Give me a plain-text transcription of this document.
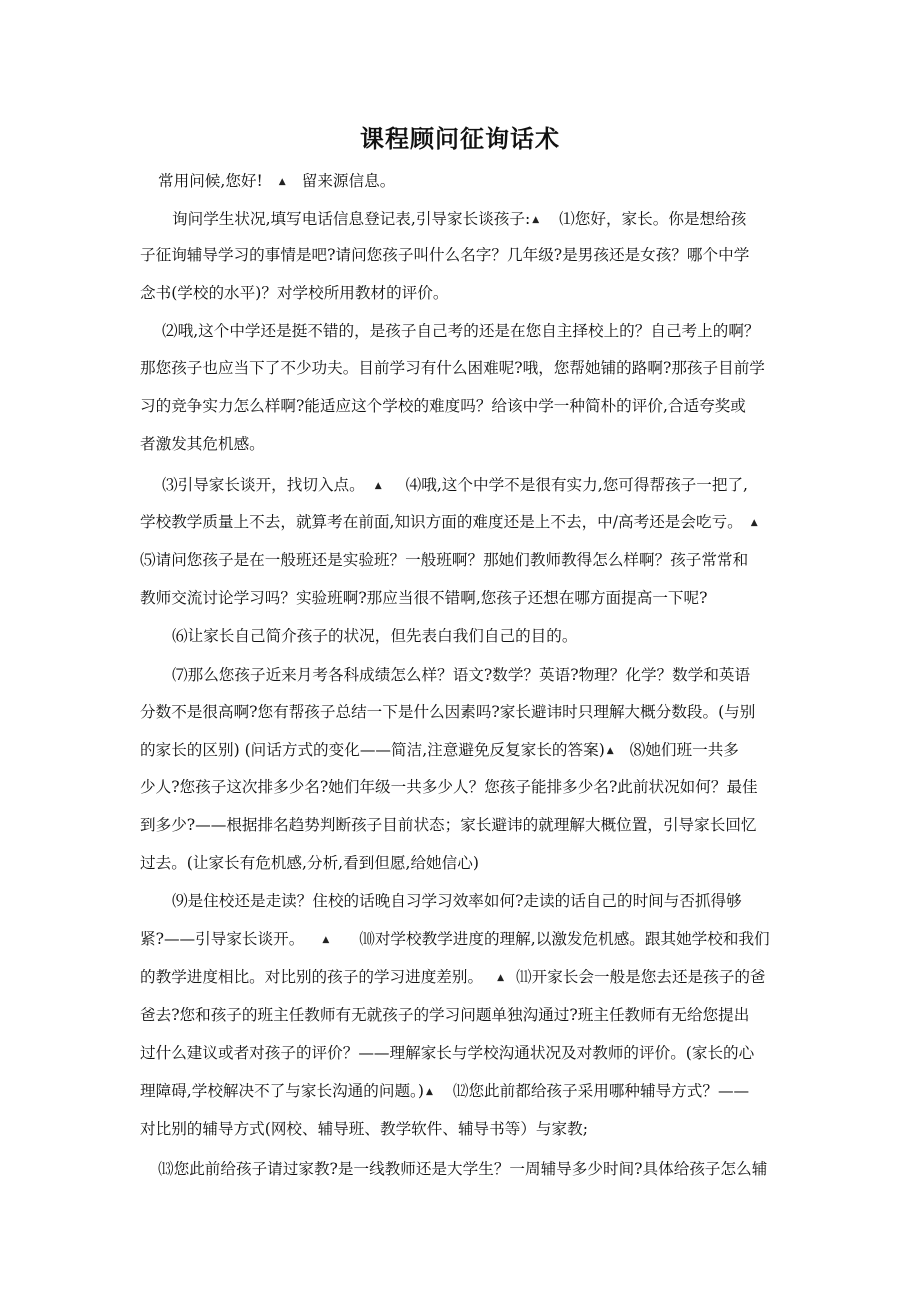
课程顾问征询话术
常用问候,您好! ▲ 留来源信息。
询问学生状况,填写电话信息登记表,引导家长谈孩子: ▲ ⑴您好，家长。你是想给孩
子征询辅导学习的事情是吧?请问您孩子叫什么名字？几年级?是男孩还是女孩？哪个中学
念书(学校的水平)？对学校所用教材的评价。
⑵哦,这个中学还是挺不错的，是孩子自己考的还是在您自主择校上的？自己考上的啊？
那您孩子也应当下了不少功夫。目前学习有什么困难呢?哦，您帮她铺的路啊?那孩子目前学
习的竞争实力怎么样啊?能适应这个学校的难度吗？给该中学一种简朴的评价,合适夸奖或
者激发其危机感。
⑶引导家长谈开，找切入点。 ▲ ⑷哦,这个中学不是很有实力,您可得帮孩子一把了,
学校教学质量上不去，就算考在前面,知识方面的难度还是上不去，中/高考还是会吃亏。 ▲
⑸请问您孩子是在一般班还是实验班？一般班啊？那她们教师教得怎么样啊？孩子常常和
教师交流讨论学习吗？实验班啊?那应当很不错啊,您孩子还想在哪方面提高一下呢?
⑹让家长自己简介孩子的状况，但先表白我们自己的目的。
⑺那么您孩子近来月考各科成绩怎么样？语文?数学？英语?物理？化学？数学和英语
分数不是很高啊?您有帮孩子总结一下是什么因素吗?家长避讳时只理解大概分数段。(与别
的家长的区别) (问话方式的变化——简洁,注意避免反复家长的答案) ▲ ⑻她们班一共多
少人?您孩子这次排多少名?她们年级一共多少人？您孩子能排多少名?此前状况如何？最佳
到多少?——根据排名趋势判断孩子目前状态；家长避讳的就理解大概位置，引导家长回忆
过去。(让家长有危机感,分析,看到但愿,给她信心)
⑼是住校还是走读？住校的话晚自习学习效率如何?走读的话自己的时间与否抓得够
紧?——引导家长谈开。 ▲ ⑽对学校教学进度的理解,以激发危机感。跟其她学校和我们
的教学进度相比。对比别的孩子的学习进度差别。 ▲ ⑾开家长会一般是您去还是孩子的爸
爸去?您和孩子的班主任教师有无就孩子的学习问题单独沟通过?班主任教师有无给您提出
过什么建议或者对孩子的评价？——理解家长与学校沟通状况及对教师的评价。(家长的心
理障碍,学校解决不了与家长沟通的问题。) ▲ ⑿您此前都给孩子采用哪种辅导方式？——
对比别的辅导方式(网校、辅导班、教学软件、辅导书等）与家教;
⒀您此前给孩子请过家教?是一线教师还是大学生？一周辅导多少时间?具体给孩子怎么辅
